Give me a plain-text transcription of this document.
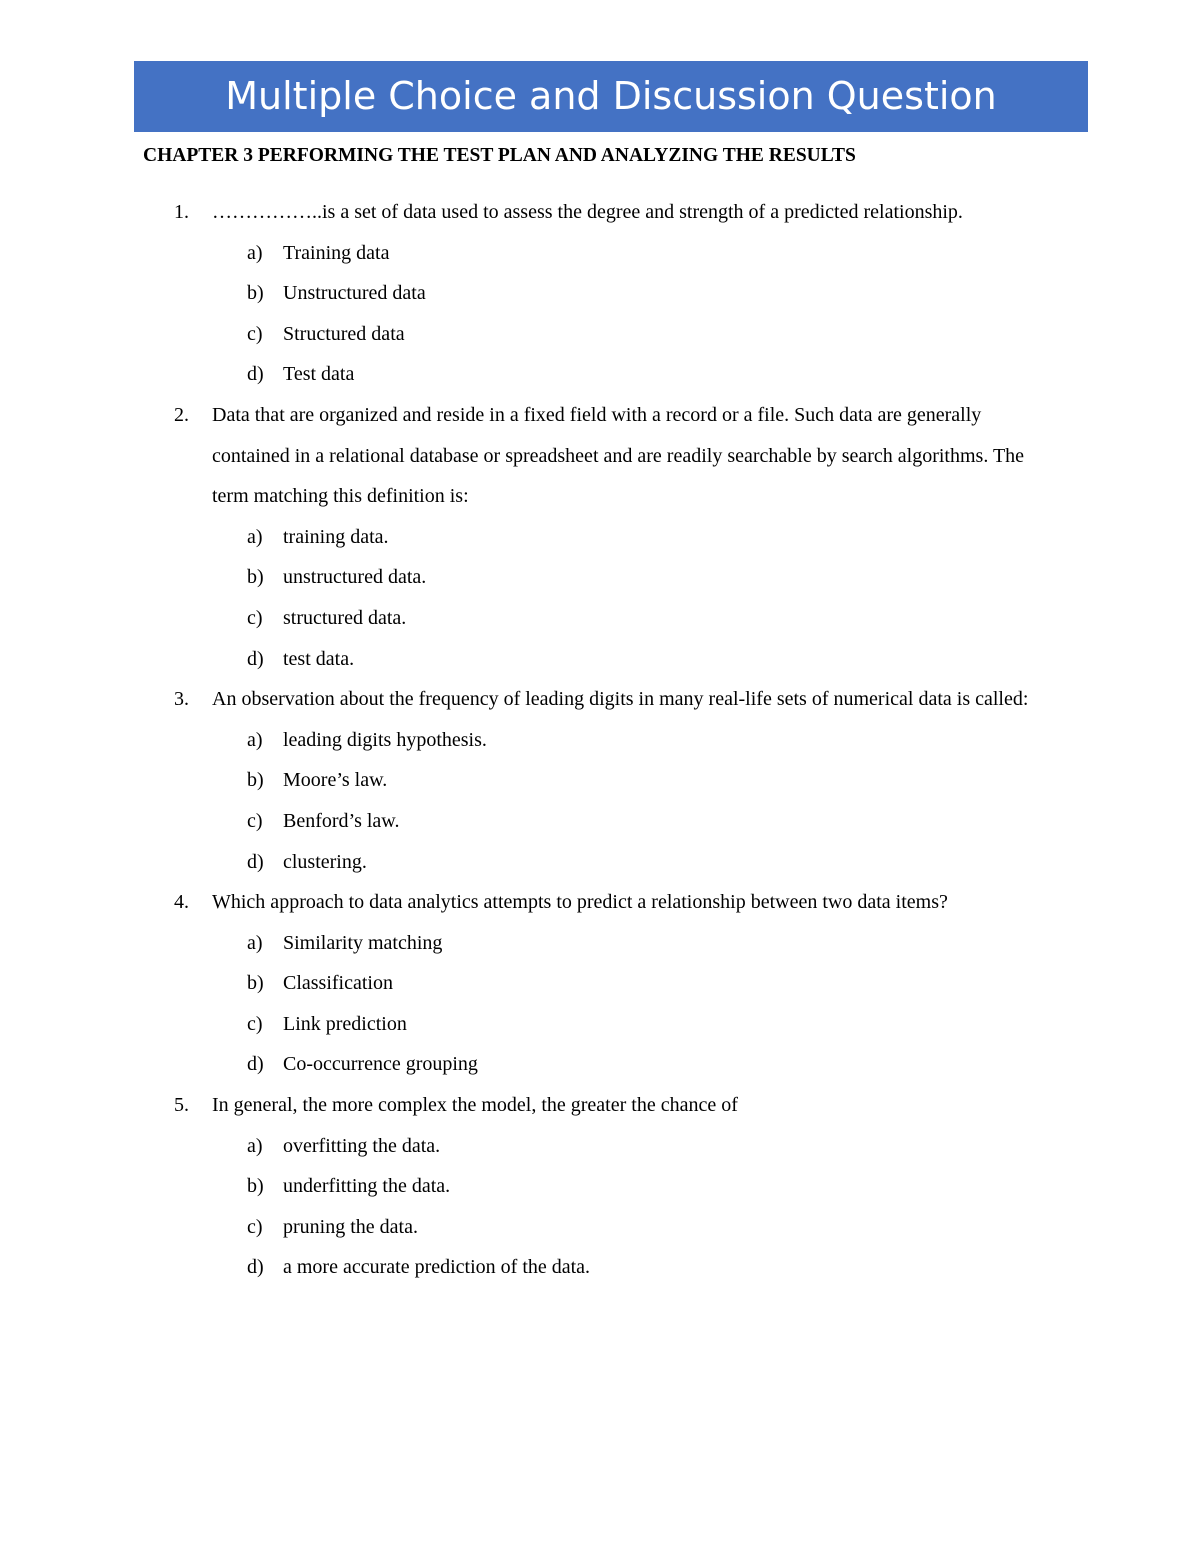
Multiple Choice and Discussion Question
CHAPTER 3 PERFORMING THE TEST PLAN AND ANALYZING THE RESULTS
1. ……………..is a set of data used to assess the degree and strength of a predicted relationship.
a) Training data
b) Unstructured data
c) Structured data
d) Test data
2. Data that are organized and reside in a fixed field with a record or a file. Such data are generally contained in a relational database or spreadsheet and are readily searchable by search algorithms. The term matching this definition is:
a) training data.
b) unstructured data.
c) structured data.
d) test data.
3. An observation about the frequency of leading digits in many real-life sets of numerical data is called:
a) leading digits hypothesis.
b) Moore’s law.
c) Benford’s law.
d) clustering.
4. Which approach to data analytics attempts to predict a relationship between two data items?
a) Similarity matching
b) Classification
c) Link prediction
d) Co-occurrence grouping
5. In general, the more complex the model, the greater the chance of
a) overfitting the data.
b) underfitting the data.
c) pruning the data.
d) a more accurate prediction of the data.
